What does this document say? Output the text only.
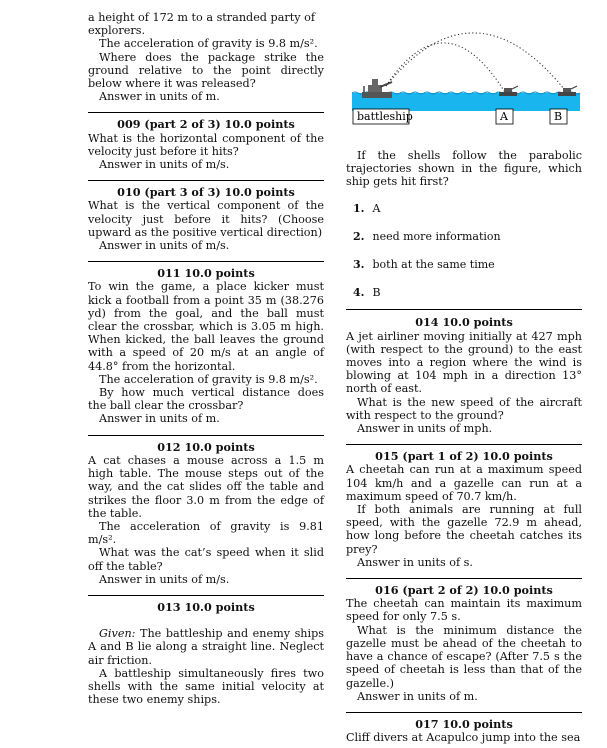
a height of 172 m to a stranded party of

explorers.

The acceleration of gravity is 9.8 m/s².

Where does the package strike the ground relative to the point directly below where it was released?

Answer in units of m.

009 (part 2 of 3) 10.0 points

What is the horizontal component of the velocity just before it hits?

Answer in units of m/s.

010 (part 3 of 3) 10.0 points

What is the vertical component of the velocity just before it hits? (Choose upward as the positive vertical direction)

Answer in units of m/s.

011 10.0 points

To win the game, a place kicker must kick a football from a point 35 m (38.276 yd) from the goal, and the ball must clear the crossbar, which is 3.05 m high. When kicked, the ball leaves the ground with a speed of 20 m/s at an angle of 44.8° from the horizontal.

The acceleration of gravity is 9.8 m/s².

By how much vertical distance does the ball clear the crossbar?

Answer in units of m.

012 10.0 points

A cat chases a mouse across a 1.5 m high table. The mouse steps out of the way, and the cat slides off the table and strikes the floor 3.0 m from the edge of the table.

The acceleration of gravity is 9.81 m/s².

What was the cat’s speed when it slid off the table?

Answer in units of m/s.

013 10.0 points

Given: The battleship and enemy ships A and B lie along a straight line. Neglect air friction.

A battleship simultaneously fires two shells with the same initial velocity at these two enemy ships.

battleship	A	B

If the shells follow the parabolic trajectories shown in the figure, which ship gets hit first?

1. A

2. need more information

3. both at the same time

4. B

014 10.0 points

A jet airliner moving initially at 427 mph (with respect to the ground) to the east moves into a region where the wind is blowing at 104 mph in a direction 13° north of east.

What is the new speed of the aircraft with respect to the ground?

Answer in units of mph.

015 (part 1 of 2) 10.0 points

A cheetah can run at a maximum speed 104 km/h and a gazelle can run at a maximum speed of 70.7 km/h.

If both animals are running at full speed, with the gazelle 72.9 m ahead, how long before the cheetah catches its prey?

Answer in units of s.

016 (part 2 of 2) 10.0 points

The cheetah can maintain its maximum speed for only 7.5 s.

What is the minimum distance the gazelle must be ahead of the cheetah to have a chance of escape? (After 7.5 s the speed of cheetah is less than that of the gazelle.)

Answer in units of m.

017 10.0 points

Cliff divers at Acapulco jump into the sea
